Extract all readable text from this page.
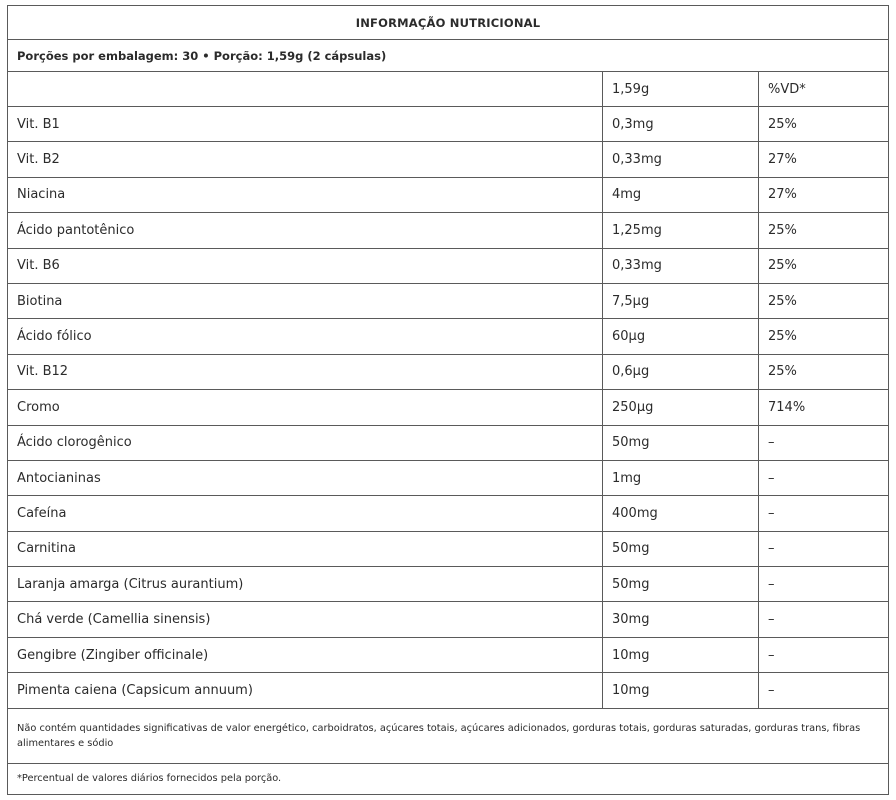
INFORMAÇÃO NUTRICIONAL		
Porções por embalagem: 30 • Porção: 1,59g (2 cápsulas)		
	1,59g	%VD*
Vit. B1	0,3mg	25%
Vit. B2	0,33mg	27%
Niacina	4mg	27%
Ácido pantotênico	1,25mg	25%
Vit. B6	0,33mg	25%
Biotina	7,5µg	25%
Ácido fólico	60µg	25%
Vit. B12	0,6µg	25%
Cromo	250µg	714%
Ácido clorogênico	50mg	–
Antocianinas	1mg	–
Cafeína	400mg	–
Carnitina	50mg	–
Laranja amarga (Citrus aurantium)	50mg	–
Chá verde (Camellia sinensis)	30mg	–
Gengibre (Zingiber officinale)	10mg	–
Pimenta caiena (Capsicum annuum)	10mg	–
Não contém quantidades significativas de valor energético, carboidratos, açúcares totais, açúcares adicionados, gorduras totais, gorduras saturadas, gorduras trans, fibras alimentares e sódio		
*Percentual de valores diários fornecidos pela porção.		
